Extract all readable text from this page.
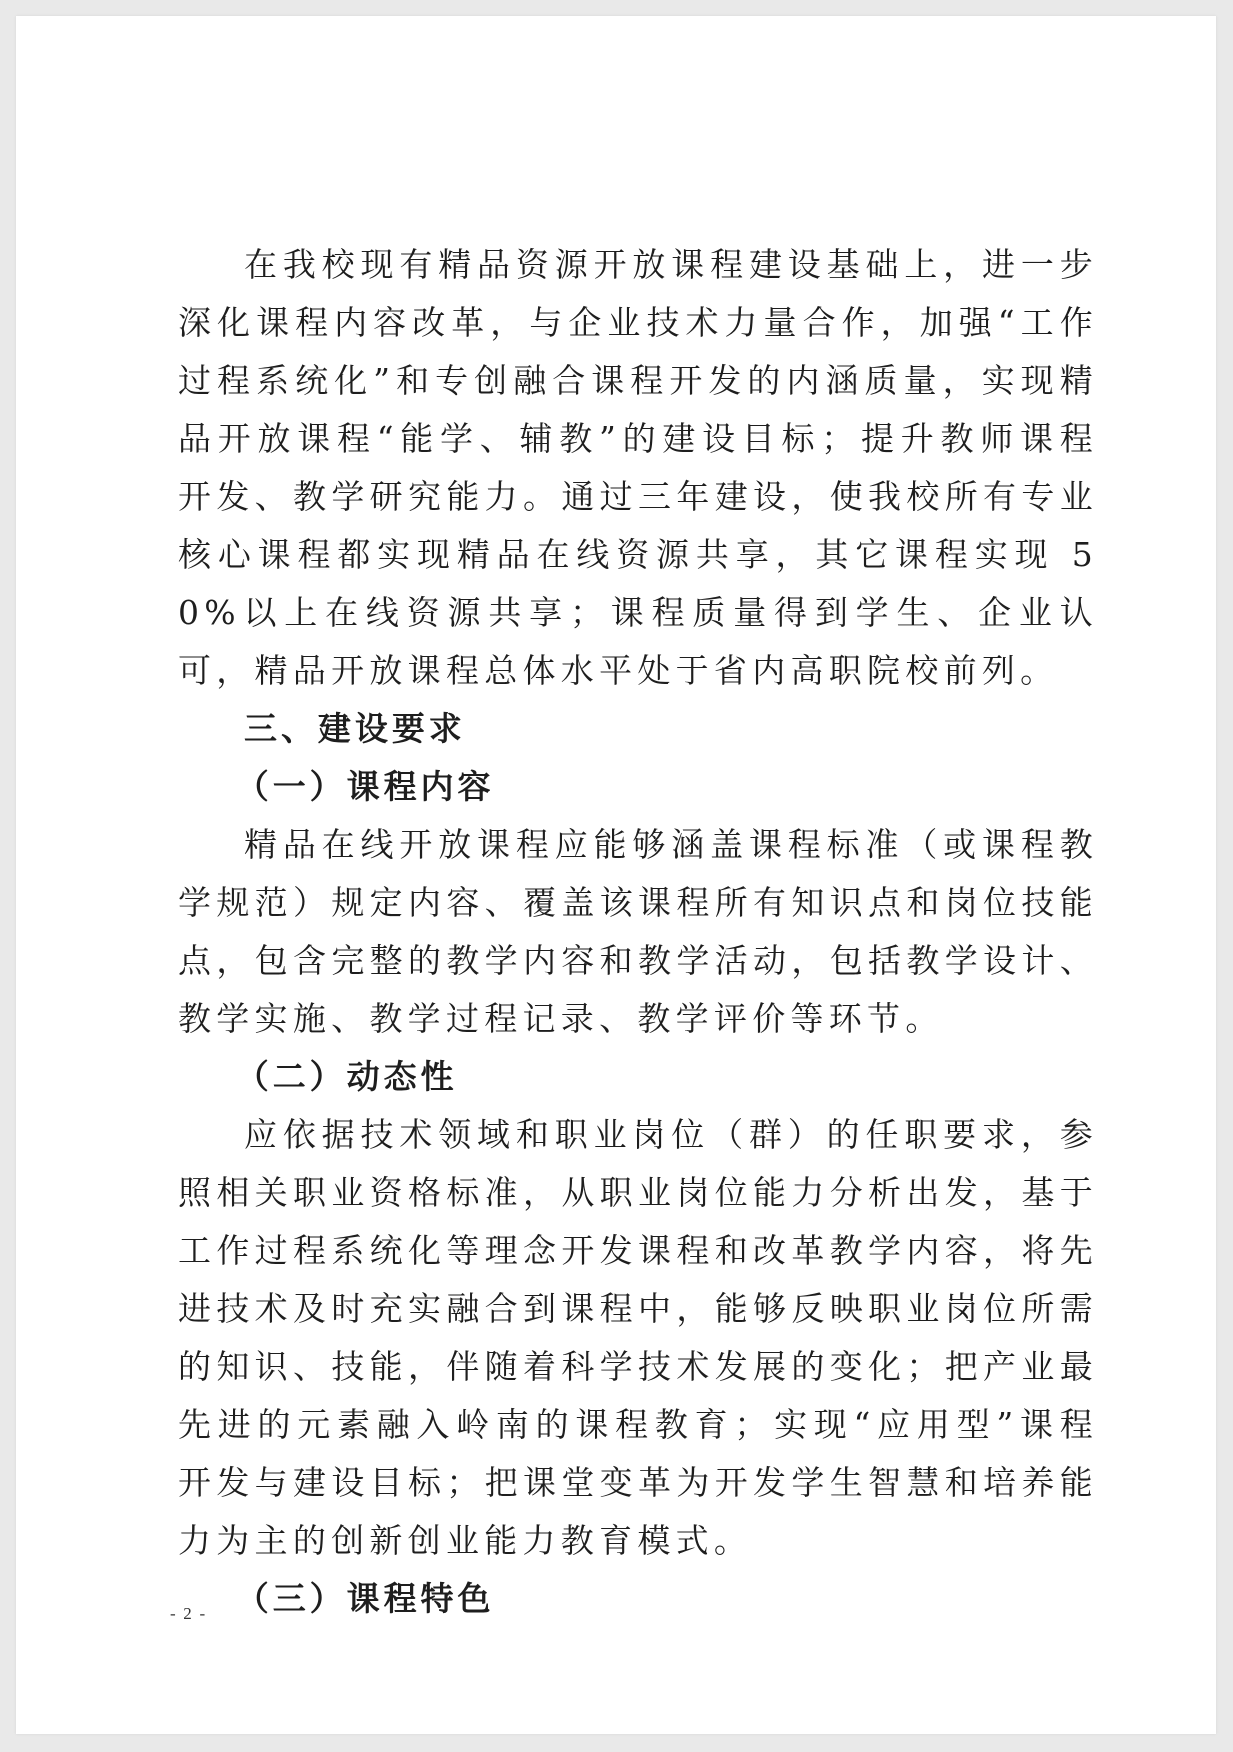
在我校现有精品资源开放课程建设基础上，进一步深化课程内容改革，与企业技术力量合作，加强“工作过程系统化”和专创融合课程开发的内涵质量，实现精品开放课程“能学、辅教”的建设目标；提升教师课程开发、教学研究能力。通过三年建设，使我校所有专业核心课程都实现精品在线资源共享，其它课程实现 50%以上在线资源共享；课程质量得到学生、企业认可，精品开放课程总体水平处于省内高职院校前列。

三、建设要求

（一）课程内容

精品在线开放课程应能够涵盖课程标准（或课程教学规范）规定内容、覆盖该课程所有知识点和岗位技能点，包含完整的教学内容和教学活动，包括教学设计、教学实施、教学过程记录、教学评价等环节。

（二）动态性

应依据技术领域和职业岗位（群）的任职要求，参照相关职业资格标准，从职业岗位能力分析出发，基于工作过程系统化等理念开发课程和改革教学内容，将先进技术及时充实融合到课程中，能够反映职业岗位所需的知识、技能，伴随着科学技术发展的变化；把产业最先进的元素融入岭南的课程教育；实现“应用型”课程开发与建设目标；把课堂变革为开发学生智慧和培养能力为主的创新创业能力教育模式。

（三）课程特色

- 2 -
